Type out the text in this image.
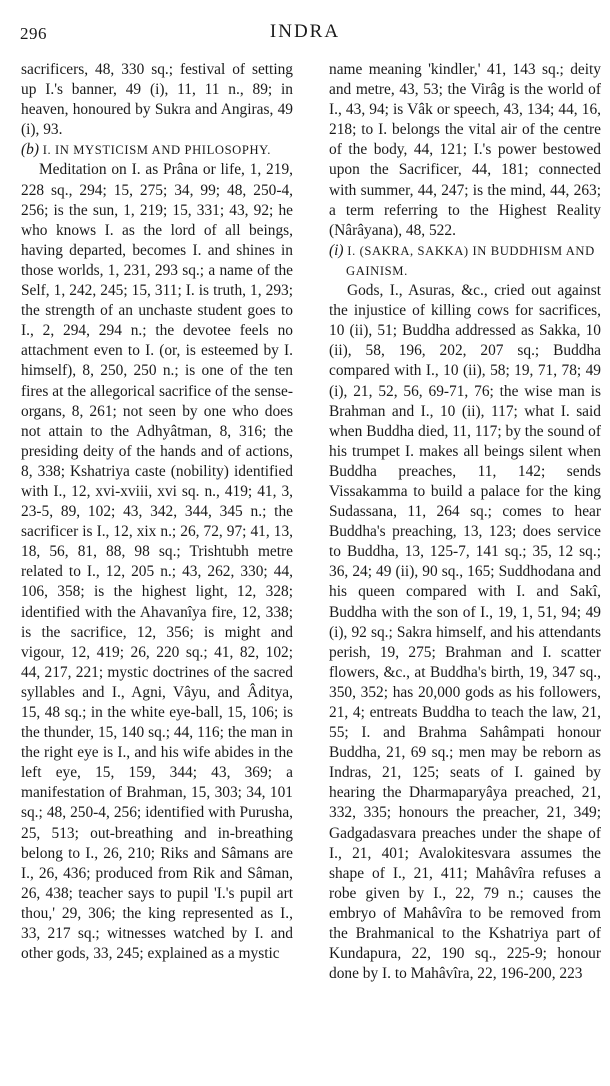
296	INDRA

sacrificers, 48, 330 sq.; festival of setting up I.'s banner, 49 (i), 11, 11 n., 89; in heaven, honoured by Sukra and Angiras, 49 (i), 93.

(b) I. IN MYSTICISM AND PHILOSOPHY.

Meditation on I. as Prâna or life, 1, 219, 228 sq., 294; 15, 275; 34, 99; 48, 250-4, 256; is the sun, 1, 219; 15, 331; 43, 92; he who knows I. as the lord of all beings, having departed, becomes I. and shines in those worlds, 1, 231, 293 sq.; a name of the Self, 1, 242, 245; 15, 311; I. is truth, 1, 293; the strength of an unchaste student goes to I., 2, 294, 294 n.; the devotee feels no attachment even to I. (or, is esteemed by I. himself), 8, 250, 250 n.; is one of the ten fires at the allegorical sacrifice of the sense-organs, 8, 261; not seen by one who does not attain to the Adhyâtman, 8, 316; the presiding deity of the hands and of actions, 8, 338; Kshatriya caste (nobility) identified with I., 12, xvi-xviii, xvi sq. n., 419; 41, 3, 23-5, 89, 102; 43, 342, 344, 345 n.; the sacrificer is I., 12, xix n.; 26, 72, 97; 41, 13, 18, 56, 81, 88, 98 sq.; Trishtubh metre related to I., 12, 205 n.; 43, 262, 330; 44, 106, 358; is the highest light, 12, 328; identified with the Ahavanîya fire, 12, 338; is the sacrifice, 12, 356; is might and vigour, 12, 419; 26, 220 sq.; 41, 82, 102; 44, 217, 221; mystic doctrines of the sacred syllables and I., Agni, Vâyu, and Âditya, 15, 48 sq.; in the white eye-ball, 15, 106; is the thunder, 15, 140 sq.; 44, 116; the man in the right eye is I., and his wife abides in the left eye, 15, 159, 344; 43, 369; a manifestation of Brahman, 15, 303; 34, 101 sq.; 48, 250-4, 256; identified with Purusha, 25, 513; out-breathing and in-breathing belong to I., 26, 210; Riks and Sâmans are I., 26, 436; produced from Rik and Sâman, 26, 438; teacher says to pupil 'I.'s pupil art thou,' 29, 306; the king represented as I., 33, 217 sq.; witnesses watched by I. and other gods, 33, 245; explained as a mystic

name meaning 'kindler,' 41, 143 sq.; deity and metre, 43, 53; the Virâg is the world of I., 43, 94; is Vâk or speech, 43, 134; 44, 16, 218; to I. belongs the vital air of the centre of the body, 44, 121; I.'s power bestowed upon the Sacrificer, 44, 181; connected with summer, 44, 247; is the mind, 44, 263; a term referring to the Highest Reality (Nârâyana), 48, 522.

(i) I. (SAKRA, SAKKA) IN BUDDHISM AND GAINISM.

Gods, I., Asuras, &c., cried out against the injustice of killing cows for sacrifices, 10 (ii), 51; Buddha addressed as Sakka, 10 (ii), 58, 196, 202, 207 sq.; Buddha compared with I., 10 (ii), 58; 19, 71, 78; 49 (i), 21, 52, 56, 69-71, 76; the wise man is Brahman and I., 10 (ii), 117; what I. said when Buddha died, 11, 117; by the sound of his trumpet I. makes all beings silent when Buddha preaches, 11, 142; sends Vissakamma to build a palace for the king Sudassana, 11, 264 sq.; comes to hear Buddha's preaching, 13, 123; does service to Buddha, 13, 125-7, 141 sq.; 35, 12 sq.; 36, 24; 49 (ii), 90 sq., 165; Suddhodana and his queen compared with I. and Sakî, Buddha with the son of I., 19, 1, 51, 94; 49 (i), 92 sq.; Sakra himself, and his attendants perish, 19, 275; Brahman and I. scatter flowers, &c., at Buddha's birth, 19, 347 sq., 350, 352; has 20,000 gods as his followers, 21, 4; entreats Buddha to teach the law, 21, 55; I. and Brahma Sahâmpati honour Buddha, 21, 69 sq.; men may be reborn as Indras, 21, 125; seats of I. gained by hearing the Dharmaparyâya preached, 21, 332, 335; honours the preacher, 21, 349; Gadgadasvara preaches under the shape of I., 21, 401; Avalokitesvara assumes the shape of I., 21, 411; Mahâvîra refuses a robe given by I., 22, 79 n.; causes the embryo of Mahâvîra to be removed from the Brahmanical to the Kshatriya part of Kundapura, 22, 190 sq., 225-9; honour done by I. to Mahâvîra, 22, 196-200, 223
